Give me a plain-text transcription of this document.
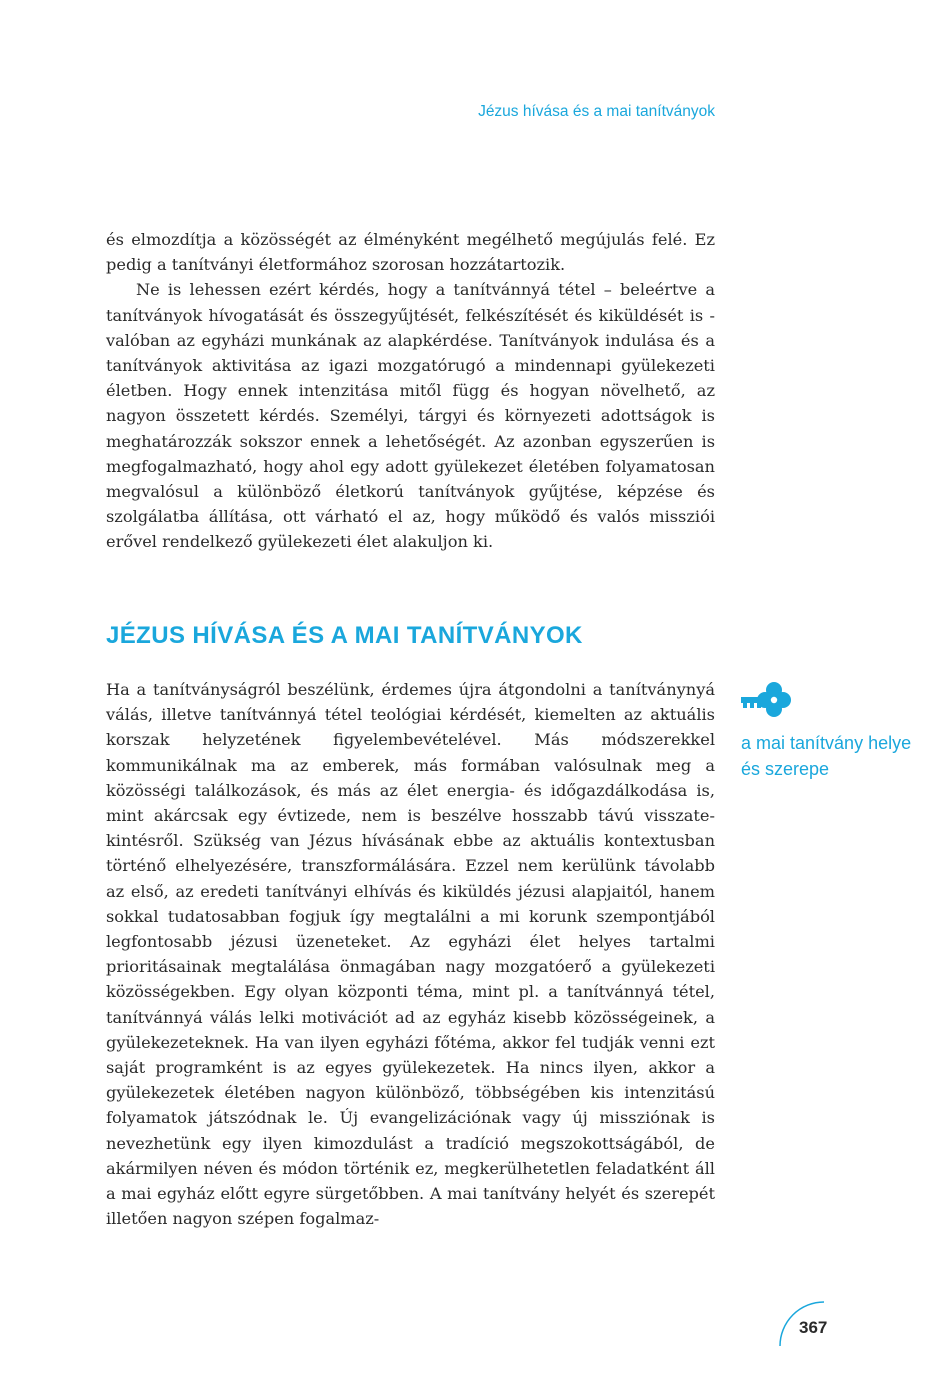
Jézus hívása és a mai tanítványok

és elmozdítja a közösségét az élményként megélhető megújulás felé. Ez pedig a tanítványi életformához szorosan hozzátartozik.

Ne is lehessen ezért kérdés, hogy a tanítvánnyá tétel – beleértve a tanítványok hívogatását és összegyűjtését, felkészítését és kiküldését is - valóban az egyházi munkának az alapkérdése. Tanítványok indulása és a tanítványok aktivitása az igazi mozgatórugó a mindennapi gyülekezeti életben. Hogy ennek intenzitása mitől függ és hogyan növelhető, az nagyon összetett kérdés. Személyi, tárgyi és környezeti adottságok is meghatározzák sokszor ennek a lehetőségét. Az azonban egyszerűen is megfogalmazható, hogy ahol egy adott gyülekezet életében folyamatosan megvalósul a különböző életkorú tanítványok gyűjtése, képzése és szolgálatba állítása, ott várható el az, hogy működő és valós missziói erővel rendelkező gyülekezeti élet alakuljon ki.

JÉZUS HÍVÁSA ÉS A MAI TANÍTVÁNYOK

Ha a tanítványságról beszélünk, érdemes újra átgondolni a tanítványnyá válás, illetve tanítvánnyá tétel teológiai kérdését, kiemelten az aktuális korszak helyzetének figyelembevételével. Más módszerekkel kommunikálnak ma az emberek, más formában valósulnak meg a közösségi találkozások, és más az élet energia- és időgazdálkodása is, mint akárcsak egy évtizede, nem is beszélve hosszabb távú visszatekintésről. Szükség van Jézus hívásának ebbe az aktuális kontextusban történő elhelyezésére, transzformálására. Ezzel nem kerülünk távolabb az első, az eredeti tanítványi elhívás és kiküldés jézusi alapjaitól, hanem sokkal tudatosabban fogjuk így megtalálni a mi korunk szempontjából legfontosabb jézusi üzeneteket. Az egyházi élet helyes tartalmi prioritásainak megtalálása önmagában nagy mozgatóerő a gyülekezeti közösségekben. Egy olyan központi téma, mint pl. a tanítvánnyá tétel, tanítvánnyá válás lelki motivációt ad az egyház kisebb közösségeinek, a gyülekezeteknek. Ha van ilyen egyházi főtéma, akkor fel tudják venni ezt saját programként is az egyes gyülekezetek. Ha nincs ilyen, akkor a gyülekezetek életében nagyon különböző, többségében kis intenzitású folyamatok játszódnak le. Új evangelizációnak vagy új missziónak is nevezhetünk egy ilyen kimozdulást a tradíció megszokottságából, de akármilyen néven és módon történik ez, megkerülhetetlen feladatként áll a mai egyház előtt egyre sürgetőbben. A mai tanítvány helyét és szerepét illetően nagyon szépen fogalmaz-

a mai tanítvány helye és szerepe
367
